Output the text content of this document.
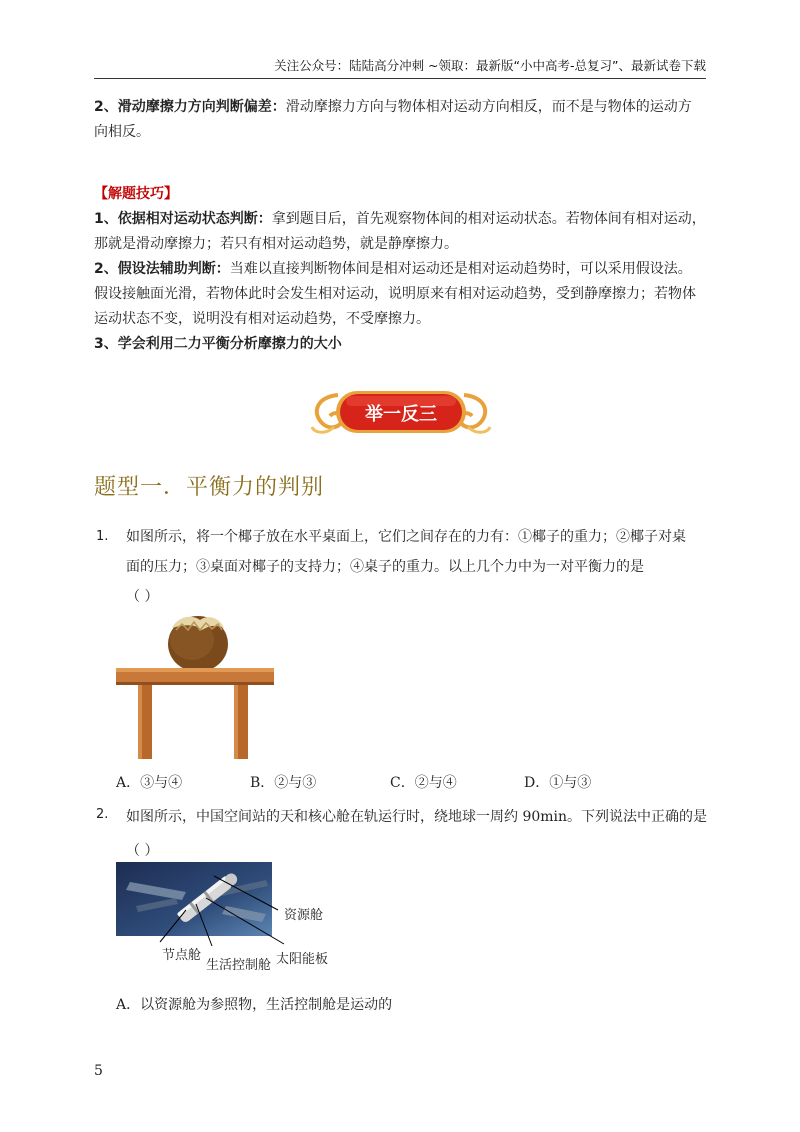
关注公众号：陆陆高分冲刺 ~领取：最新版“小中高考-总复习”、最新试卷下载
2、滑动摩擦力方向判断偏差：滑动摩擦力方向与物体相对运动方向相反，而不是与物体的运动方
向相反。
【解题技巧】
1、依据相对运动状态判断：拿到题目后，首先观察物体间的相对运动状态。若物体间有相对运动，
那就是滑动摩擦力；若只有相对运动趋势，就是静摩擦力。
2、假设法辅助判断：当难以直接判断物体间是相对运动还是相对运动趋势时，可以采用假设法。
假设接触面光滑，若物体此时会发生相对运动，说明原来有相对运动趋势，受到静摩擦力；若物体
运动状态不变，说明没有相对运动趋势，不受摩擦力。
3、学会利用二力平衡分析摩擦力的大小
举一反三
题型一．平衡力的判别
1. 如图所示，将一个椰子放在水平桌面上，它们之间存在的力有：①椰子的重力；②椰子对桌
面的压力；③桌面对椰子的支持力；④桌子的重力。以上几个力中为一对平衡力的是
（ ）
A．③与④	B．②与③	C．②与④	D．①与③
2. 如图所示，中国空间站的天和核心舱在轨运行时，绕地球一周约 90min。下列说法中正确的是
（ ）
资源舱
节点舱
生活控制舱 太阳能板
A．以资源舱为参照物，生活控制舱是运动的
5
